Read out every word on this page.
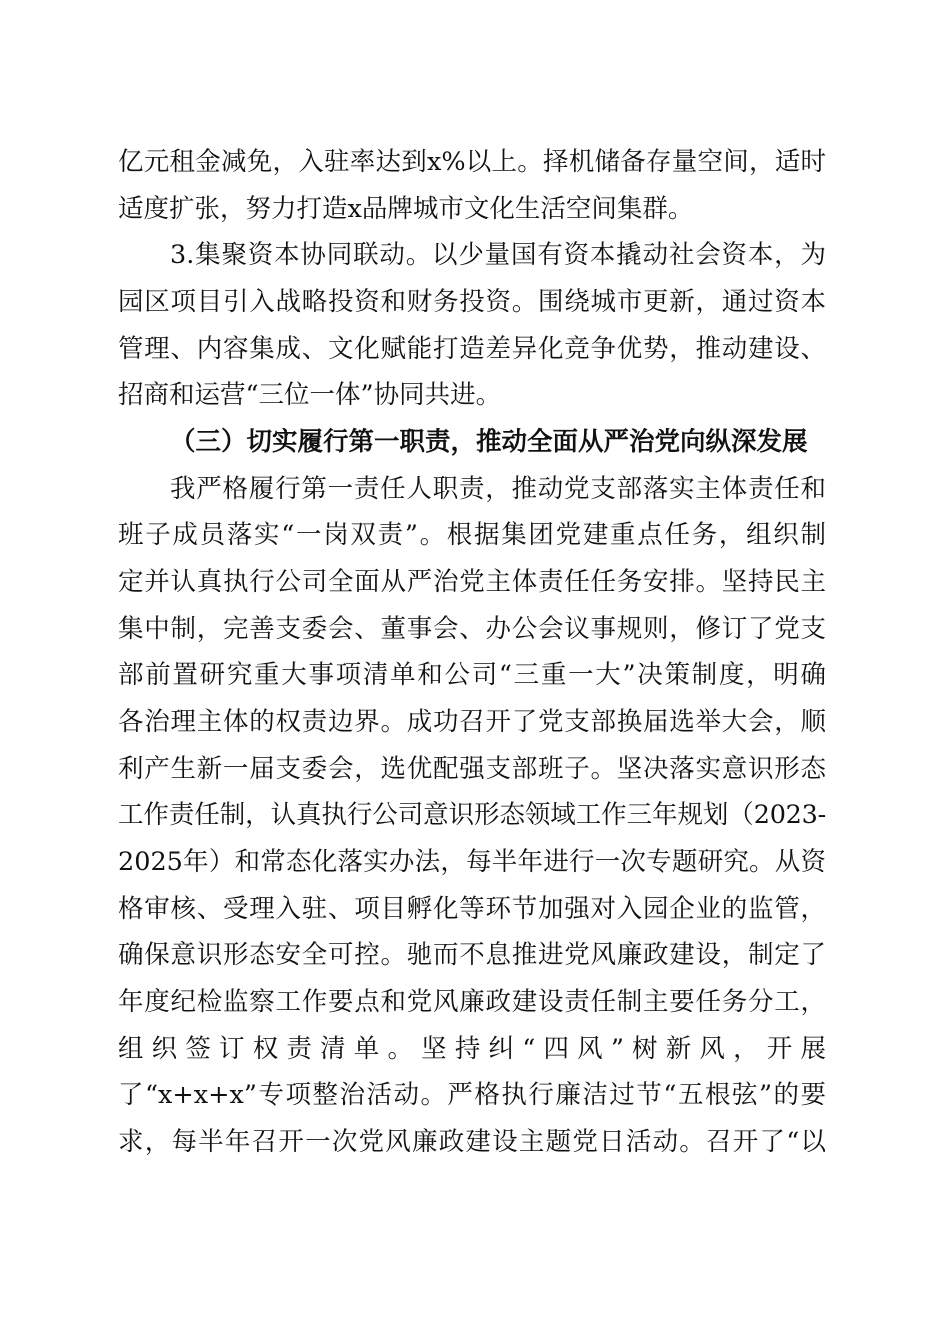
亿元租金减免，入驻率达到x%以上。择机储备存量空间，适时
适度扩张，努力打造x品牌城市文化生活空间集群。
3.集聚资本协同联动。以少量国有资本撬动社会资本，为
园区项目引入战略投资和财务投资。围绕城市更新，通过资本
管理、内容集成、文化赋能打造差异化竞争优势，推动建设、
招商和运营“三位一体”协同共进。
（三）切实履行第一职责，推动全面从严治党向纵深发展
我严格履行第一责任人职责，推动党支部落实主体责任和
班子成员落实“一岗双责”。根据集团党建重点任务，组织制
定并认真执行公司全面从严治党主体责任任务安排。坚持民主
集中制，完善支委会、董事会、办公会议事规则，修订了党支
部前置研究重大事项清单和公司“三重一大”决策制度，明确
各治理主体的权责边界。成功召开了党支部换届选举大会，顺
利产生新一届支委会，选优配强支部班子。坚决落实意识形态
工作责任制，认真执行公司意识形态领域工作三年规划（2023-
2025年）和常态化落实办法，每半年进行一次专题研究。从资
格审核、受理入驻、项目孵化等环节加强对入园企业的监管，
确保意识形态安全可控。驰而不息推进党风廉政建设，制定了
年度纪检监察工作要点和党风廉政建设责任制主要任务分工，
组织签订权责清单。坚持纠“四风”树新风，开展
了“x+x+x”专项整治活动。严格执行廉洁过节“五根弦”的要
求，每半年召开一次党风廉政建设主题党日活动。召开了“以
